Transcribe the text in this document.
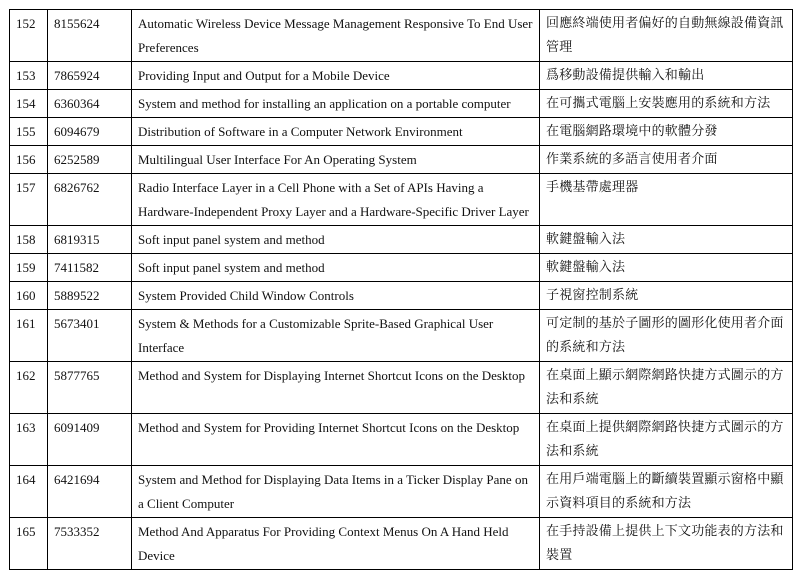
152	8155624	Automatic Wireless Device Message Management Responsive To End User Preferences	回應終端使用者偏好的自動無線設備資訊管理
153	7865924	Providing Input and Output for a Mobile Device	爲移動設備提供輸入和輸出
154	6360364	System and method for installing an application on a portable computer	在可攜式電腦上安裝應用的系統和方法
155	6094679	Distribution of Software in a Computer Network Environment	在電腦網路環境中的軟體分發
156	6252589	Multilingual User Interface For An Operating System	作業系統的多語言使用者介面
157	6826762	Radio Interface Layer in a Cell Phone with a Set of APIs Having a Hardware-Independent Proxy Layer and a Hardware-Specific Driver Layer	手機基帶處理器
158	6819315	Soft input panel system and method	軟鍵盤輸入法
159	7411582	Soft input panel system and method	軟鍵盤輸入法
160	5889522	System Provided Child Window Controls	子視窗控制系統
161	5673401	System & Methods for a Customizable Sprite-Based Graphical User Interface	可定制的基於子圖形的圖形化使用者介面的系統和方法
162	5877765	Method and System for Displaying Internet Shortcut Icons on the Desktop	在桌面上顯示網際網路快捷方式圖示的方法和系統
163	6091409	Method and System for Providing Internet Shortcut Icons on the Desktop	在桌面上提供網際網路快捷方式圖示的方法和系統
164	6421694	System and Method for Displaying Data Items in a Ticker Display Pane on a Client Computer	在用戶端電腦上的斷續裝置顯示窗格中顯示資料項目的系統和方法
165	7533352	Method And Apparatus For Providing Context Menus On A Hand Held Device	在手持設備上提供上下文功能表的方法和裝置
